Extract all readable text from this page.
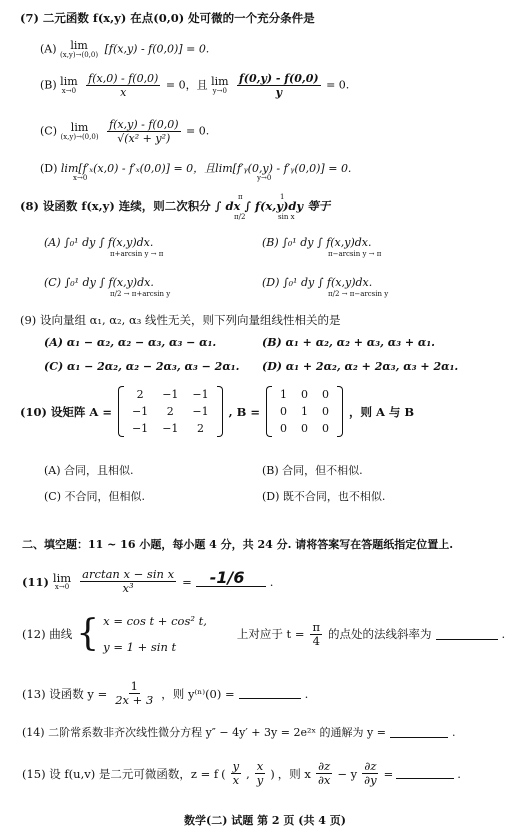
(7) 二元函数 f(x,y) 在点(0,0) 处可微的一个充分条件是
(A) lim
(x,y)→(0,0) [f(x,y) - f(0,0)] = 0.
(B) lim
x→0
$\frac{f(x,0) - f(0,0)}{x} = 0$，且 lim
y→0
$\frac{f(0,y) - f(0,0)}{y} = 0$.
(C) lim
(x,y)→(0,0)
$\frac{f(x,y) - f(0,0)}{\text{√(x² + y²)}} = 0$.
(D) lim[f′ₓ(x,0) - f′ₓ(0,0)] = 0，且lim[f′ᵧ(0,y) - f′ᵧ(0,0)] = 0.
x→0	y→0
(8) 设函数 f(x,y) 连续，则二次积分 ∫ dx ∫ f(x,y)dy 等于
π
π/2
1
sin x
(A) ∫₀¹ dy ∫ f(x,y)dx.
π+arcsin y → π
(B) ∫₀¹ dy ∫ f(x,y)dx.
π−arcsin y → π
(C) ∫₀¹ dy ∫ f(x,y)dx.
π/2 → π+arcsin y
(D) ∫₀¹ dy ∫ f(x,y)dx.
π/2 → π−arcsin y
(9) 设向量组 α₁, α₂, α₃ 线性无关，则下列向量组线性相关的是
(A) α₁ − α₂, α₂ − α₃, α₃ − α₁.	(B) α₁ + α₂, α₂ + α₃, α₃ + α₁.
(C) α₁ − 2α₂, α₂ − 2α₃, α₃ − 2α₁. (D) α₁ + 2α₂, α₂ + 2α₃, α₃ + 2α₁.
(10) 设矩阵 A =
2	−1	−1
−1	2	−1
−1	−1	2
, B =
1	0	0
0	1	0
0	0	0
，则 A 与 B
(A) 合同，且相似.	(B) 合同，但不相似.
(C) 不合同，但相似.	(D) 既不合同，也不相似.
二、填空题：11 ~ 16 小题，每小题 4 分，共 24 分. 请将答案写在答题纸指定位置上.
(11) lim
$x\to 0 \frac{\text{arctan x − sin x}}{\text{x³}} = -1/6$ .
(12) 曲线 { x = cos t + cos² t,
y = 1 + sin t
上对应于 $t = \frac{\pi}{4}$ 的点处的法线斜率为	.
(13) 设函数 $y = \frac{1}{2x + 3}$ ，则 y⁽ⁿ⁾(0) =	.
(14) 二阶常系数非齐次线性微分方程 y″ − 4y′ + 3y = 2e²ˣ 的通解为 y =	.
(15) 设 f(u,v) 是二元可微函数，z = f ( $\frac{y}{x}$ , $\frac{x}{y}$ ) ，则 x $\frac{\partial z}{\partial x} - y \frac{\partial z}{\partial y}$ =	.
数学(二) 试题 第 2 页 (共 4 页)
